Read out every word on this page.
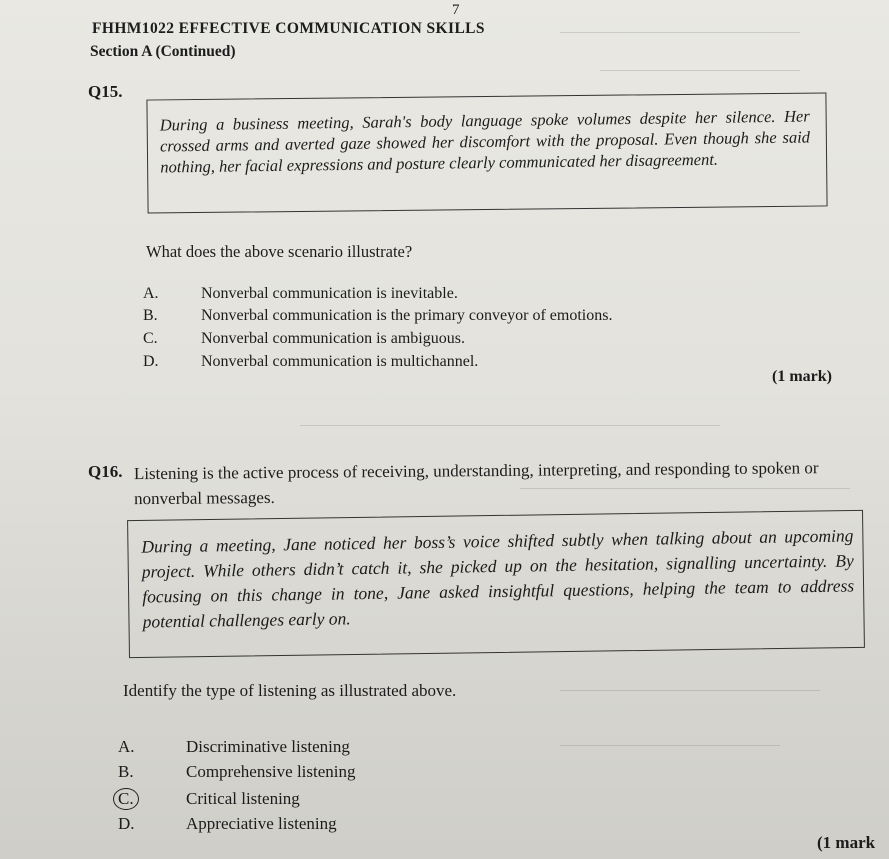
7
FHHM1022 EFFECTIVE COMMUNICATION SKILLS
Section A (Continued)
Q15.
During a business meeting, Sarah's body language spoke volumes despite her silence. Her crossed arms and averted gaze showed her discomfort with the proposal. Even though she said nothing, her facial expressions and posture clearly communicated her disagreement.
What does the above scenario illustrate?
A.	Nonverbal communication is inevitable.
B.	Nonverbal communication is the primary conveyor of emotions.
C.	Nonverbal communication is ambiguous.
D.	Nonverbal communication is multichannel.
(1 mark)
Q16. Listening is the active process of receiving, understanding, interpreting, and responding to spoken or nonverbal messages.
During a meeting, Jane noticed her boss’s voice shifted subtly when talking about an upcoming project. While others didn’t catch it, she picked up on the hesitation, signalling uncertainty. By focusing on this change in tone, Jane asked insightful questions, helping the team to address potential challenges early on.
Identify the type of listening as illustrated above.
A.	Discriminative listening
B.	Comprehensive listening
C.	Critical listening
D.	Appreciative listening
(1 mark
